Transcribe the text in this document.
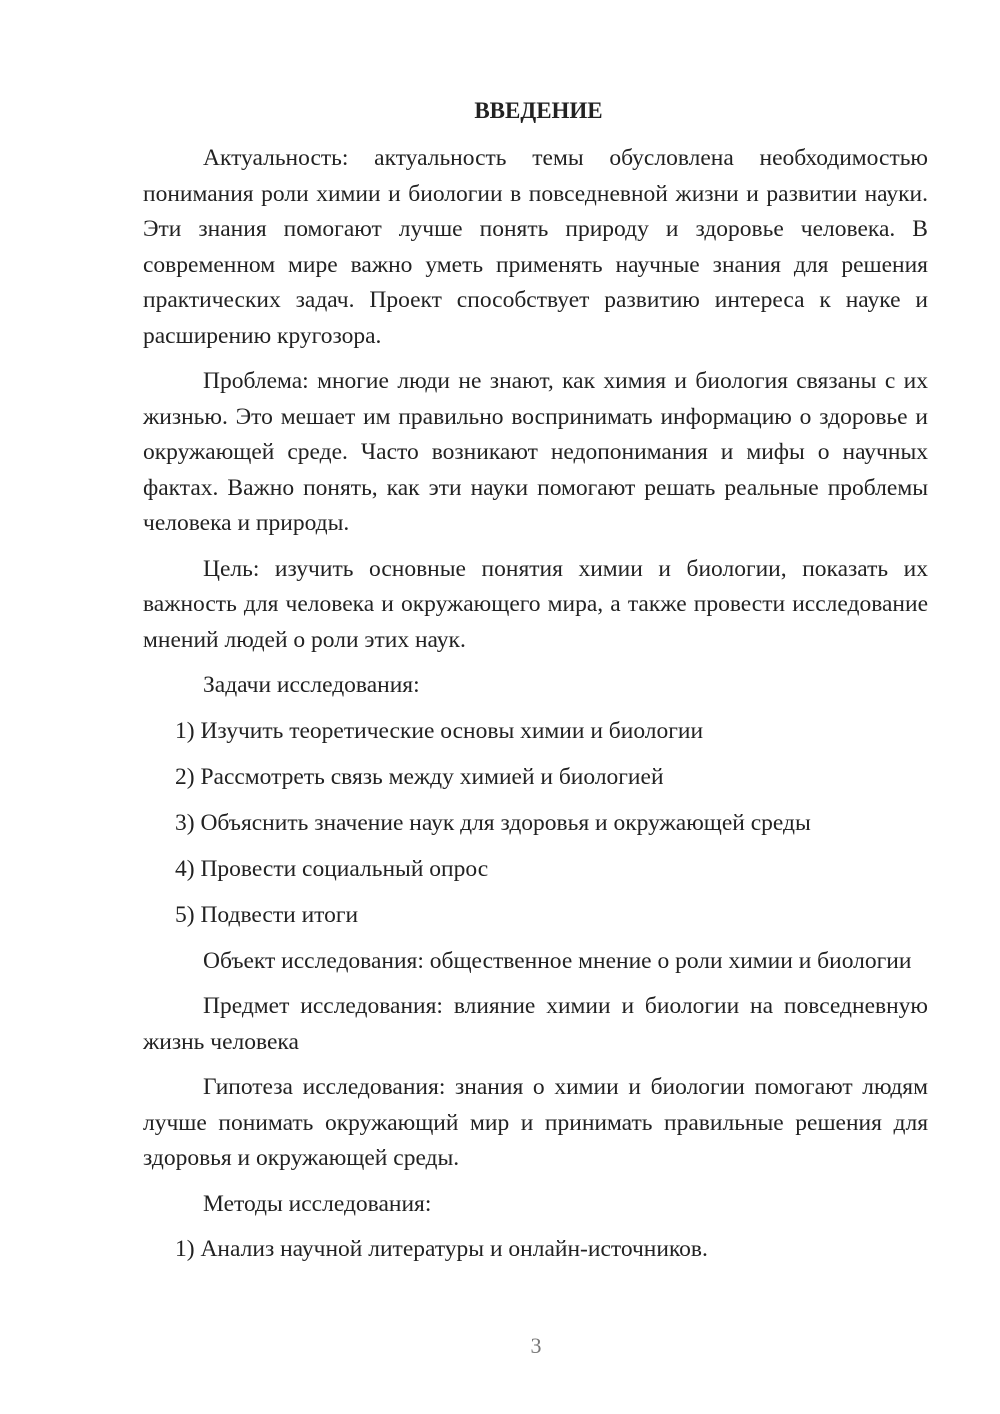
ВВЕДЕНИЕ

Актуальность: актуальность темы обусловлена необходимостью понимания роли химии и биологии в повседневной жизни и развитии науки. Эти знания помогают лучше понять природу и здоровье человека. В современном мире важно уметь применять научные знания для решения практических задач. Проект способствует развитию интереса к науке и расширению кругозора.

Проблема: многие люди не знают, как химия и биология связаны с их жизнью. Это мешает им правильно воспринимать информацию о здоровье и окружающей среде. Часто возникают недопонимания и мифы о научных фактах. Важно понять, как эти науки помогают решать реальные проблемы человека и природы.

Цель: изучить основные понятия химии и биологии, показать их важность для человека и окружающего мира, а также провести исследование мнений людей о роли этих наук.

Задачи исследования:

1) Изучить теоретические основы химии и биологии
2) Рассмотреть связь между химией и биологией
3) Объяснить значение наук для здоровья и окружающей среды
4) Провести социальный опрос
5) Подвести итоги

Объект исследования: общественное мнение о роли химии и биологии

Предмет исследования: влияние химии и биологии на повседневную жизнь человека

Гипотеза исследования: знания о химии и биологии помогают людям лучше понимать окружающий мир и принимать правильные решения для здоровья и окружающей среды.

Методы исследования:

1) Анализ научной литературы и онлайн-источников.
3
